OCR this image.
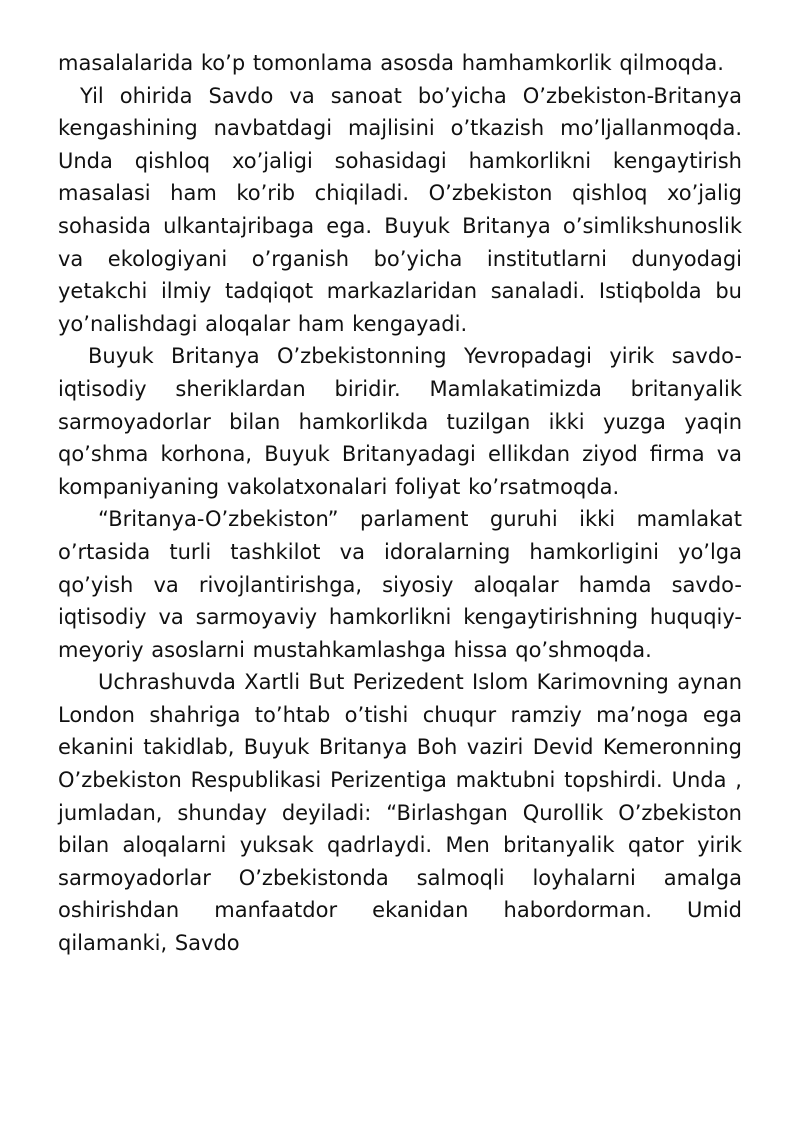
masalalarida ko’p tomonlama asosda hamhamkorlik qilmoqda.

Yil ohirida Savdo va sanoat bo’yicha O’zbekiston-Britanya kengashining navbatdagi majlisini o’tkazish mo’ljallanmoqda. Unda qishloq xo’jaligi sohasidagi hamkorlikni kengaytirish masalasi ham ko’rib chiqiladi. O’zbekiston qishloq xo’jalig sohasida ulkantajribaga ega. Buyuk Britanya o’simlikshunoslik va ekologiyani o’rganish bo’yicha institutlarni dunyodagi yetakchi ilmiy tadqiqot markazlaridan sanaladi. Istiqbolda bu yo’nalishdagi aloqalar ham kengayadi.

Buyuk Britanya O’zbekistonning Yevropadagi yirik savdo-iqtisodiy sheriklardan biridir. Mamlakatimizda britanyalik sarmoyadorlar bilan hamkorlikda tuzilgan ikki yuzga yaqin qo’shma korhona, Buyuk Britanyadagi ellikdan ziyod firma va kompaniyaning vakolatxonalari foliyat ko’rsatmoqda.

“Britanya-O’zbekiston” parlament guruhi ikki mamlakat o’rtasida turli tashkilot va idoralarning hamkorligini yo’lga qo’yish va rivojlantirishga, siyosiy aloqalar hamda savdo-iqtisodiy va sarmoyaviy hamkorlikni kengaytirishning huquqiy-meyoriy asoslarni mustahkamlashga hissa qo’shmoqda.

Uchrashuvda Xartli But Perizedent Islom Karimovning aynan London shahriga to’htab o’tishi chuqur ramziy ma’noga ega ekanini takidlab, Buyuk Britanya Boh vaziri Devid Kemeronning O’zbekiston Respublikasi Perizentiga maktubni topshirdi. Unda , jumladan, shunday deyiladi: “Birlashgan Qurollik O’zbekiston bilan aloqalarni yuksak qadrlaydi. Men britanyalik qator yirik sarmoyadorlar O’zbekistonda salmoqli loyhalarni amalga oshirishdan manfaatdor ekanidan habordorman. Umid qilamanki, Savdo
